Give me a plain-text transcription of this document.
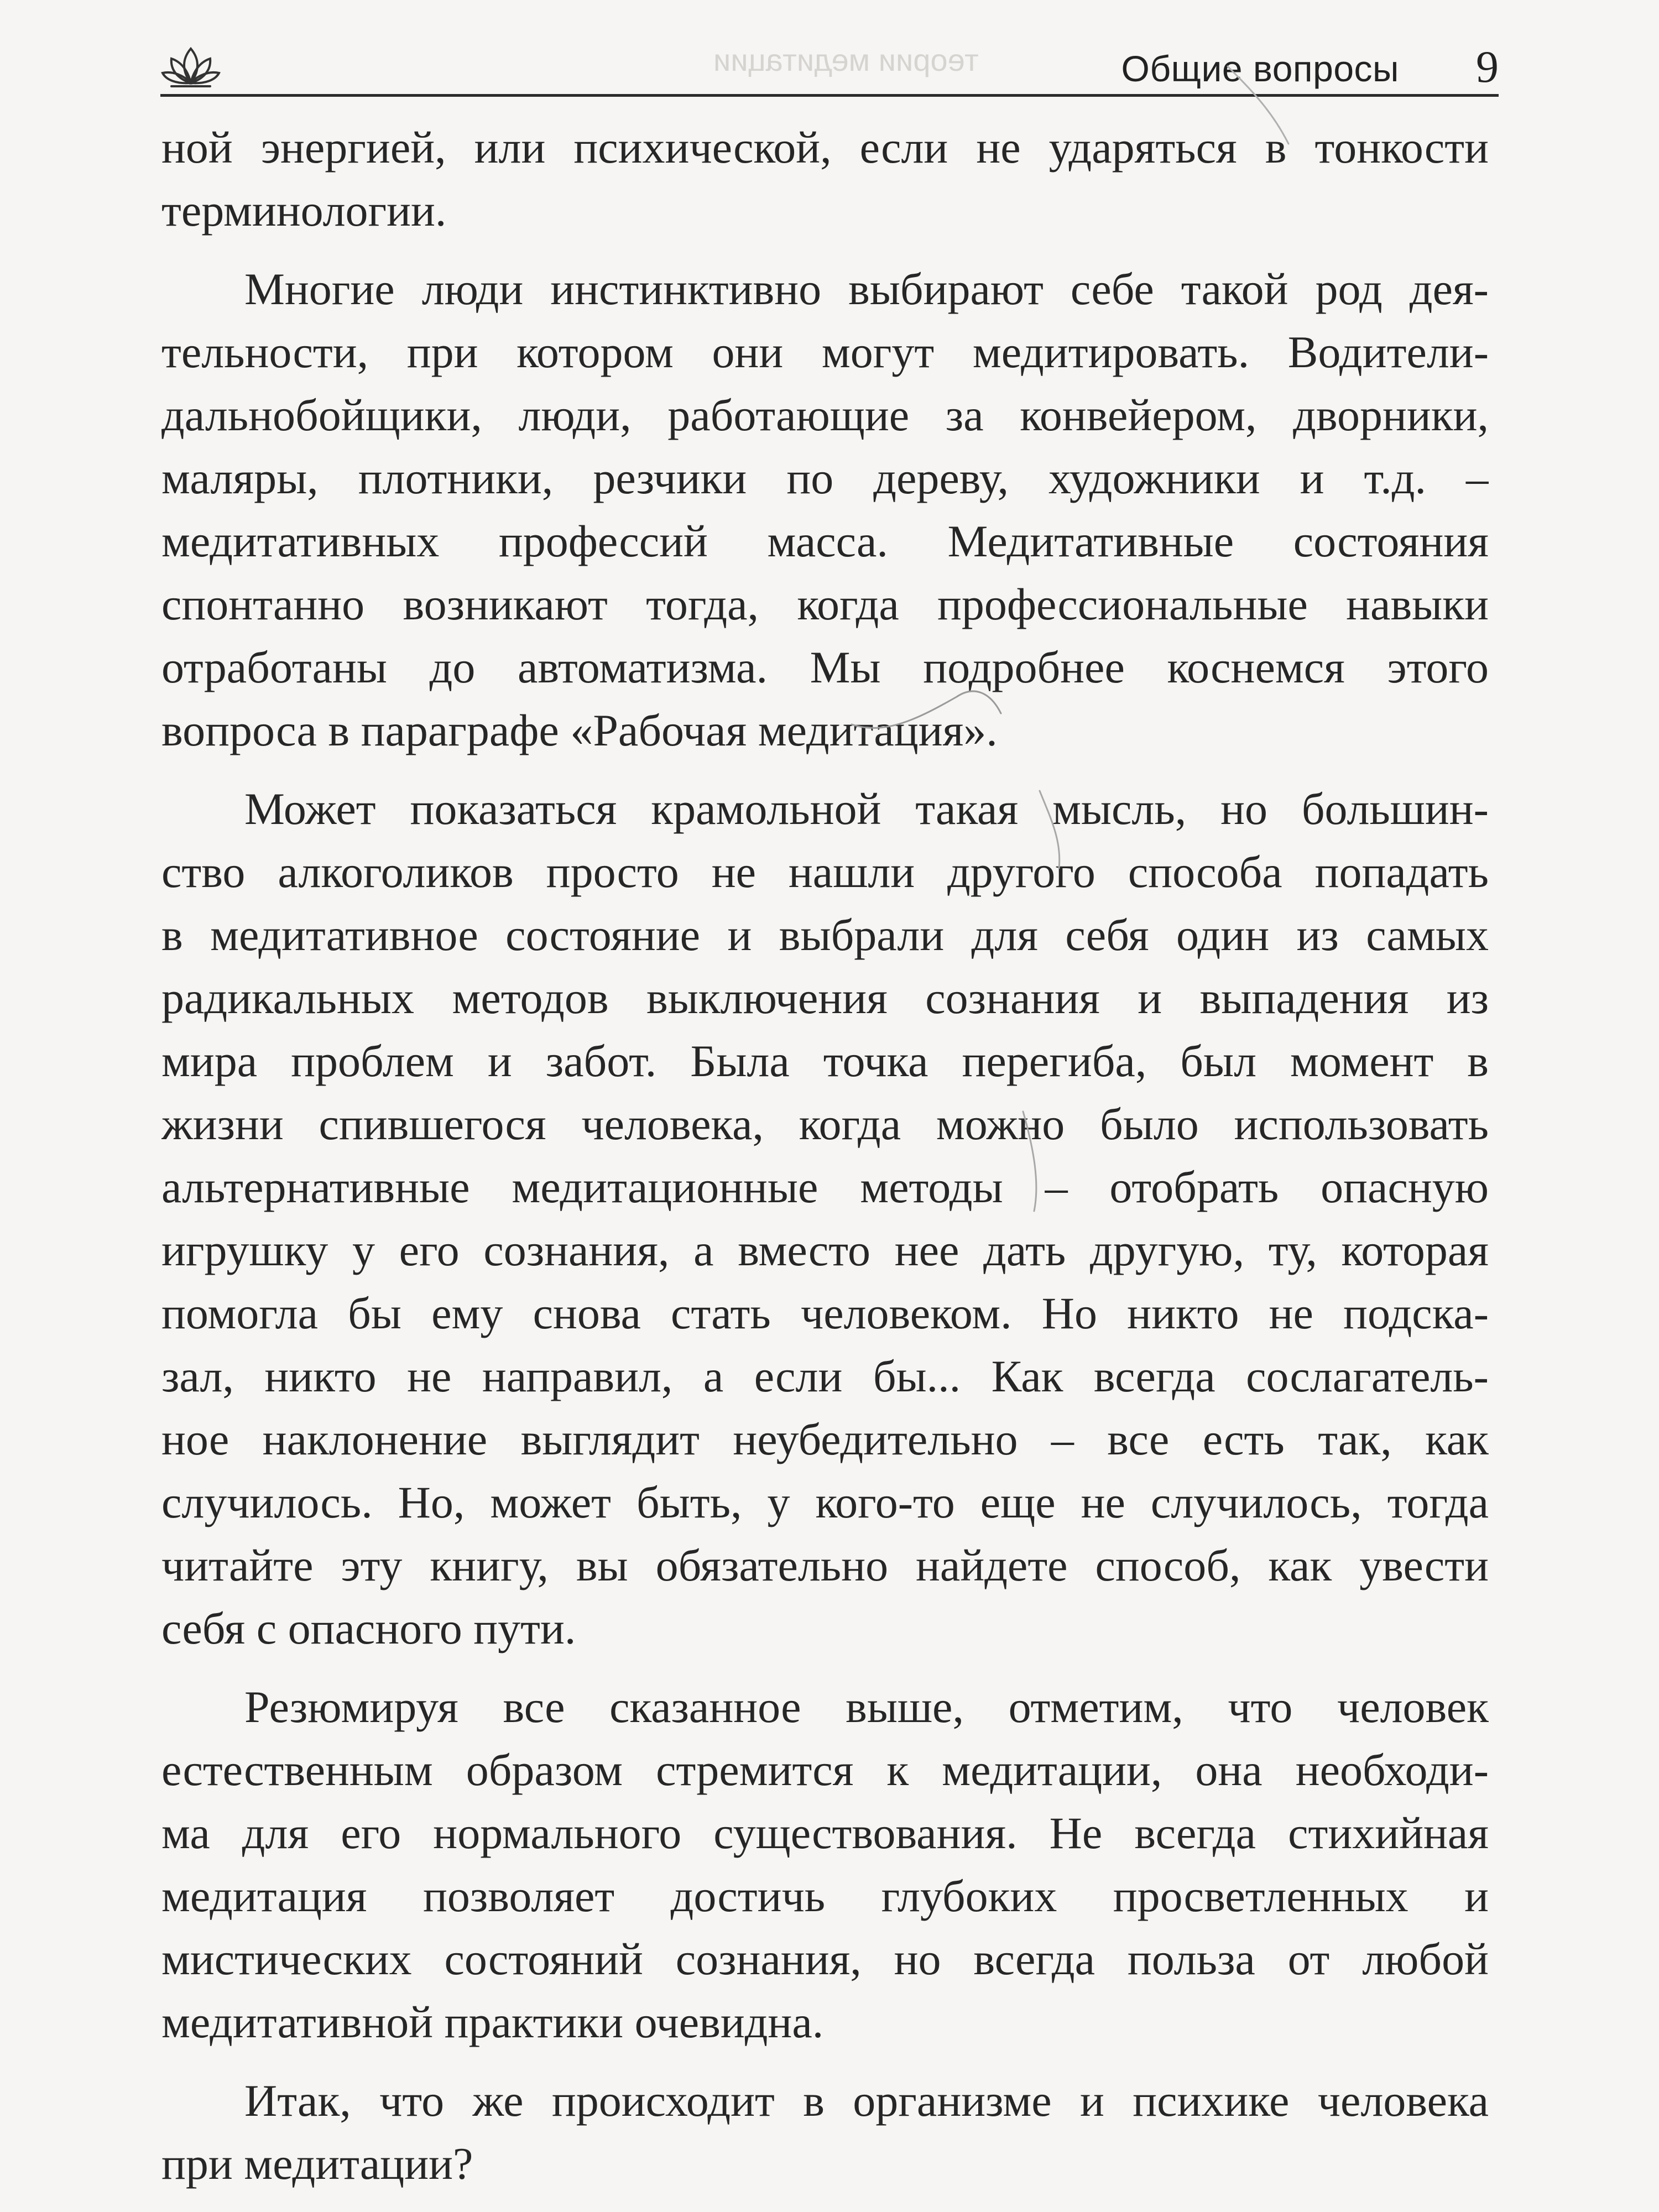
теории медитации	Общие вопросы 9
ной энергией, или психической, если не ударяться в тонкости
терминологии.
Многие люди инстинктивно выбирают себе такой род дея-
тельности, при котором они могут медитировать. Водители-
дальнобойщики, люди, работающие за конвейером, дворники,
маляры, плотники, резчики по дереву, художники и т.д. –
медитативных профессий масса. Медитативные состояния
спонтанно возникают тогда, когда профессиональные навыки
отработаны до автоматизма. Мы подробнее коснемся этого
вопроса в параграфе «Рабочая медитация».
Может показаться крамольной такая мысль, но большин-
ство алкоголиков просто не нашли другого способа попадать
в медитативное состояние и выбрали для себя один из самых
радикальных методов выключения сознания и выпадения из
мира проблем и забот. Была точка перегиба, был момент в
жизни спившегося человека, когда можно было использовать
альтернативные медитационные методы – отобрать опасную
игрушку у его сознания, а вместо нее дать другую, ту, которая
помогла бы ему снова стать человеком. Но никто не подска-
зал, никто не направил, а если бы... Как всегда сослагатель-
ное наклонение выглядит неубедительно – все есть так, как
случилось. Но, может быть, у кого-то еще не случилось, тогда
читайте эту книгу, вы обязательно найдете способ, как увести
себя с опасного пути.
Резюмируя все сказанное выше, отметим, что человек
естественным образом стремится к медитации, она необходи-
ма для его нормального существования. Не всегда стихийная
медитация позволяет достичь глубоких просветленных и
мистических состояний сознания, но всегда польза от любой
медитативной практики очевидна.
Итак, что же происходит в организме и психике человека
при медитации?
